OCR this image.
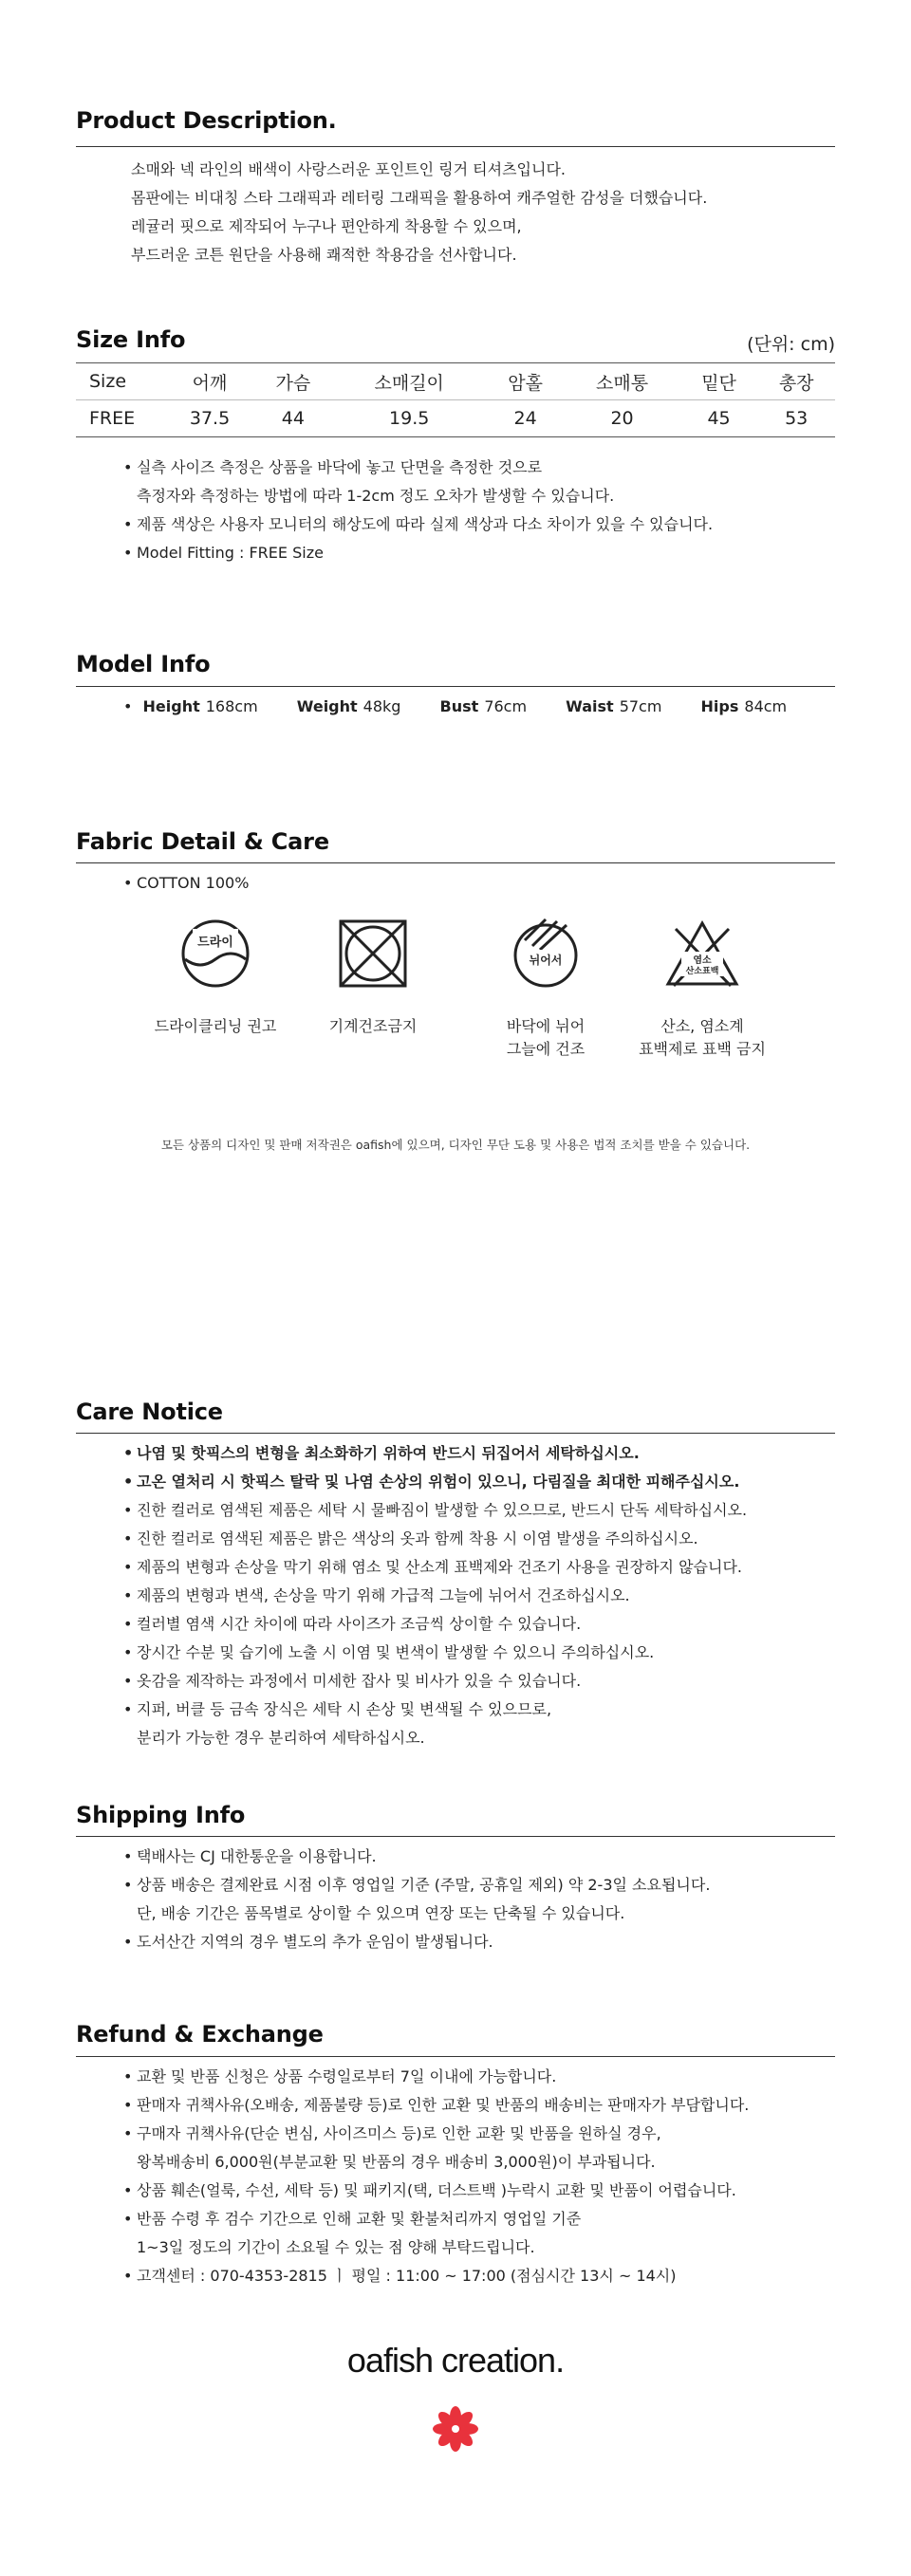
Product Description.
소매와 넥 라인의 배색이 사랑스러운 포인트인 링거 티셔츠입니다.
몸판에는 비대칭 스타 그래픽과 레터링 그래픽을 활용하여 캐주얼한 감성을 더했습니다.
레귤러 핏으로 제작되어 누구나 편안하게 착용할 수 있으며,
부드러운 코튼 원단을 사용해 쾌적한 착용감을 선사합니다.
Size Info	(단위: cm)
Size	어깨	가슴	소매길이	암홀	소매통	밑단	총장
FREE	37.5	44	19.5	24	20	45	53
• 실측 사이즈 측정은 상품을 바닥에 놓고 단면을 측정한 것으로
측정자와 측정하는 방법에 따라 1-2cm 정도 오차가 발생할 수 있습니다.
• 제품 색상은 사용자 모니터의 해상도에 따라 실제 색상과 다소 차이가 있을 수 있습니다.
• Model Fitting : FREE Size
Model Info
• Height 168cm	Weight 48kg	Bust 76cm	Waist 57cm	Hips 84cm
Fabric Detail & Care
• COTTON 100%
드라이
뉘어서	염소
산소표백
드라이클리닝 권고	기계건조금지	바닥에 뉘어
그늘에 건조
산소, 염소계
표백제로 표백 금지
모든 상품의 디자인 및 판매 저작권은 oafish에 있으며, 디자인 무단 도용 및 사용은 법적 조치를 받을 수 있습니다.
Care Notice
• 나염 및 핫픽스의 변형을 최소화하기 위하여 반드시 뒤집어서 세탁하십시오.
• 고온 열처리 시 핫픽스 탈락 및 나염 손상의 위험이 있으니, 다림질을 최대한 피해주십시오.
• 진한 컬러로 염색된 제품은 세탁 시 물빠짐이 발생할 수 있으므로, 반드시 단독 세탁하십시오.
• 진한 컬러로 염색된 제품은 밝은 색상의 옷과 함께 착용 시 이염 발생을 주의하십시오.
• 제품의 변형과 손상을 막기 위해 염소 및 산소계 표백제와 건조기 사용을 권장하지 않습니다.
• 제품의 변형과 변색, 손상을 막기 위해 가급적 그늘에 뉘어서 건조하십시오.
• 컬러별 염색 시간 차이에 따라 사이즈가 조금씩 상이할 수 있습니다.
• 장시간 수분 및 습기에 노출 시 이염 및 변색이 발생할 수 있으니 주의하십시오.
• 옷감을 제작하는 과정에서 미세한 잡사 및 비사가 있을 수 있습니다.
• 지퍼, 버클 등 금속 장식은 세탁 시 손상 및 변색될 수 있으므로,
분리가 가능한 경우 분리하여 세탁하십시오.
Shipping Info
• 택배사는 CJ 대한통운을 이용합니다.
• 상품 배송은 결제완료 시점 이후 영업일 기준 (주말, 공휴일 제외) 약 2-3일 소요됩니다.
단, 배송 기간은 품목별로 상이할 수 있으며 연장 또는 단축될 수 있습니다.
• 도서산간 지역의 경우 별도의 추가 운임이 발생됩니다.
Refund & Exchange
• 교환 및 반품 신청은 상품 수령일로부터 7일 이내에 가능합니다.
• 판매자 귀책사유(오배송, 제품불량 등)로 인한 교환 및 반품의 배송비는 판매자가 부담합니다.
• 구매자 귀책사유(단순 변심, 사이즈미스 등)로 인한 교환 및 반품을 원하실 경우,
왕복배송비 6,000원(부분교환 및 반품의 경우 배송비 3,000원)이 부과됩니다.
• 상품 훼손(얼룩, 수선, 세탁 등) 및 패키지(택, 더스트백 )누락시 교환 및 반품이 어렵습니다.
• 반품 수령 후 검수 기간으로 인해 교환 및 환불처리까지 영업일 기준
1~3일 정도의 기간이 소요될 수 있는 점 양해 부탁드립니다.
• 고객센터 : 070-4353-2815 ㅣ 평일 : 11:00 ~ 17:00 (점심시간 13시 ~ 14시)
oafish creation.
